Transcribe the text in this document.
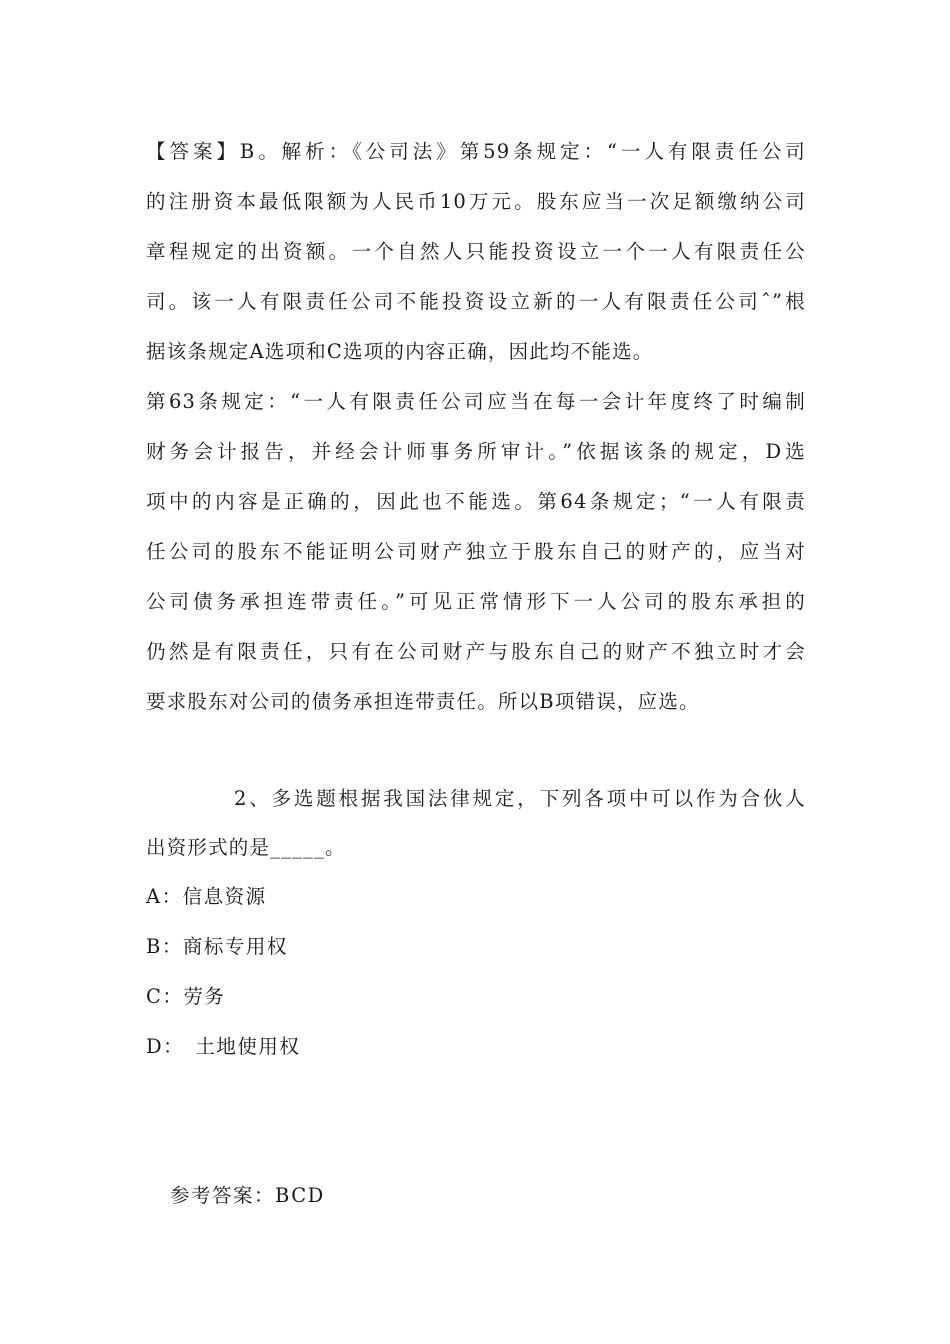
【答案】B。解析：《公司法》第59条规定：“一人有限责任公司
的注册资本最低限额为人民币10万元。股东应当一次足额缴纳公司
章程规定的出资额。一个自然人只能投资设立一个一人有限责任公
司。该一人有限责任公司不能投资设立新的一人有限责任公司ˆ”根
据该条规定A选项和C选项的内容正确，因此均不能选。
第63条规定：“一人有限责任公司应当在每一会计年度终了时编制
财务会计报告，并经会计师事务所审计。”依据该条的规定，D选
项中的内容是正确的，因此也不能选。第64条规定；“一人有限责
任公司的股东不能证明公司财产独立于股东自己的财产的，应当对
公司债务承担连带责任。”可见正常情形下一人公司的股东承担的
仍然是有限责任，只有在公司财产与股东自己的财产不独立时才会
要求股东对公司的债务承担连带责任。所以B项错误，应选。
2、多选题根据我国法律规定，下列各项中可以作为合伙人
出资形式的是_____。
A：信息资源
B：商标专用权
C：劳务
D：　土地使用权
参考答案：BCD
